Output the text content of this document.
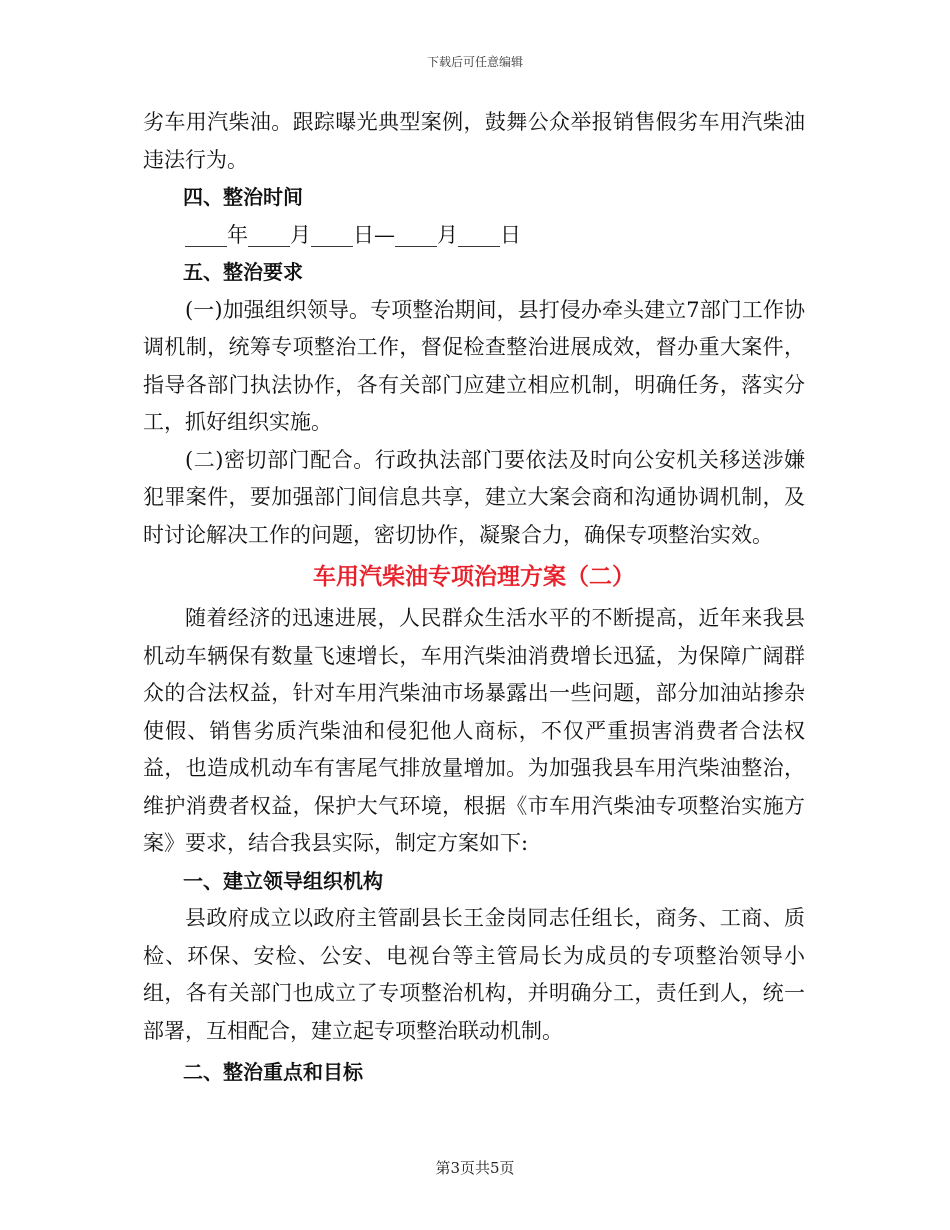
下载后可任意编辑

劣车用汽柴油。跟踪曝光典型案例，鼓舞公众举报销售假劣车用汽柴油违法行为。

四、整治时间

____年____月____日—____月____日

五、整治要求

(一)加强组织领导。专项整治期间，县打侵办牵头建立7部门工作协调机制，统筹专项整治工作，督促检查整治进展成效，督办重大案件，指导各部门执法协作，各有关部门应建立相应机制，明确任务，落实分工，抓好组织实施。

(二)密切部门配合。行政执法部门要依法及时向公安机关移送涉嫌犯罪案件，要加强部门间信息共享，建立大案会商和沟通协调机制，及时讨论解决工作的问题，密切协作，凝聚合力，确保专项整治实效。

车用汽柴油专项治理方案（二）

随着经济的迅速进展，人民群众生活水平的不断提高，近年来我县机动车辆保有数量飞速增长，车用汽柴油消费增长迅猛，为保障广阔群众的合法权益，针对车用汽柴油市场暴露出一些问题，部分加油站掺杂使假、销售劣质汽柴油和侵犯他人商标，不仅严重损害消费者合法权益，也造成机动车有害尾气排放量增加。为加强我县车用汽柴油整治，维护消费者权益，保护大气环境，根据《市车用汽柴油专项整治实施方案》要求，结合我县实际，制定方案如下:

一、建立领导组织机构

县政府成立以政府主管副县长王金岗同志任组长，商务、工商、质检、环保、安检、公安、电视台等主管局长为成员的专项整治领导小组，各有关部门也成立了专项整治机构，并明确分工，责任到人，统一部署，互相配合，建立起专项整治联动机制。

二、整治重点和目标

第3页共5页
